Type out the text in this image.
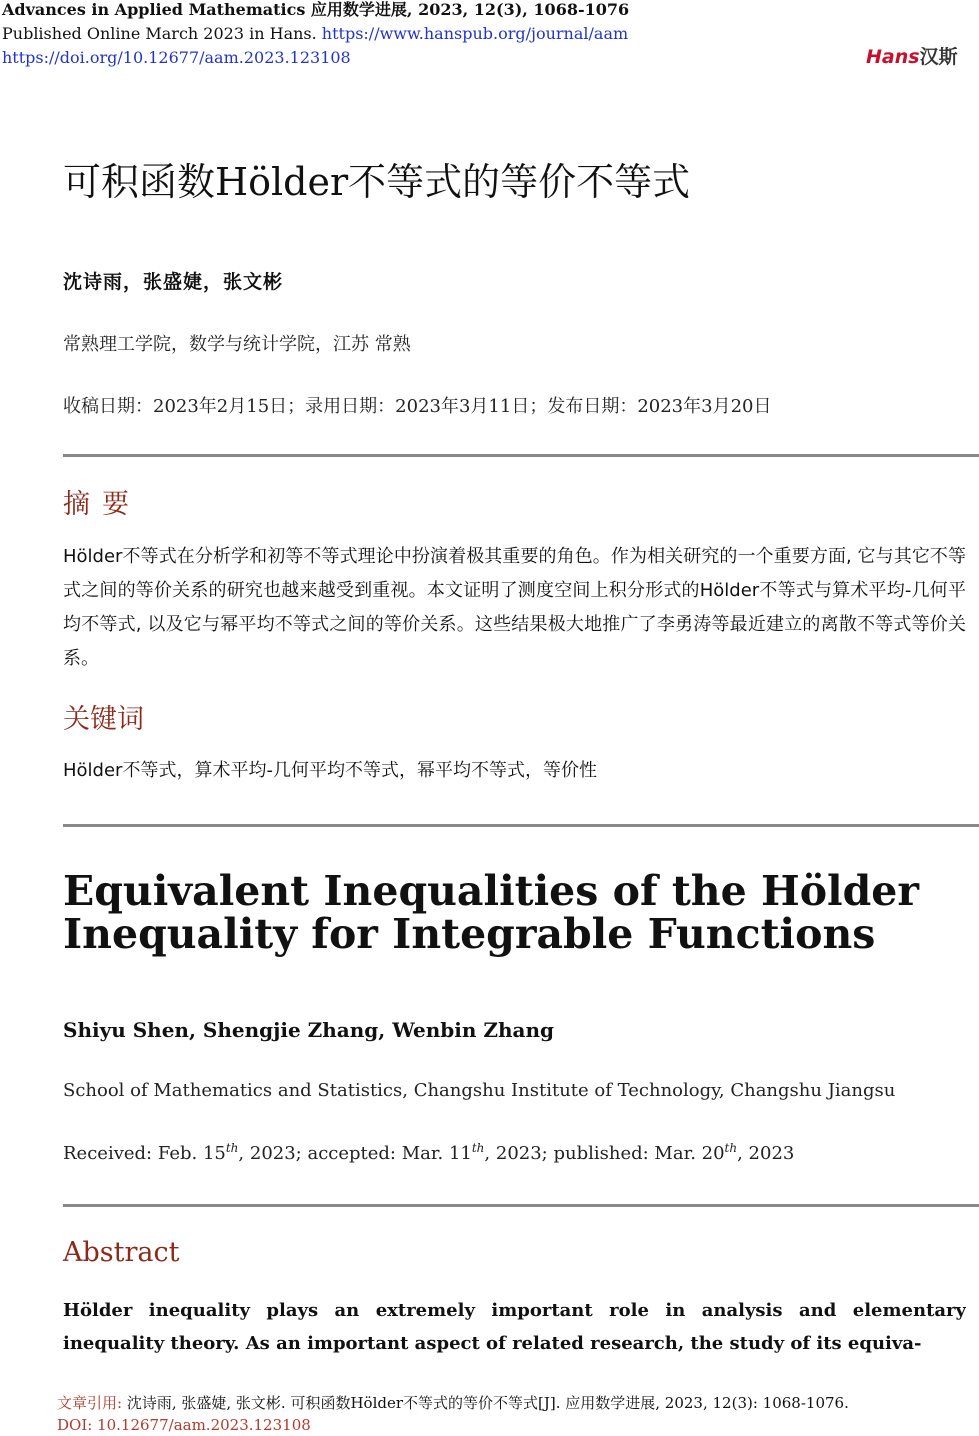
Advances in Applied Mathematics 应用数学进展, 2023, 12(3), 1068-1076
Published Online March 2023 in Hans. https://www.hanspub.org/journal/aam
https://doi.org/10.12677/aam.2023.123108	Hans汉斯
可积函数Hölder不等式的等价不等式
沈诗雨，张盛婕，张文彬
常熟理工学院，数学与统计学院，江苏 常熟
收稿日期：2023年2月15日；录用日期：2023年3月11日；发布日期：2023年3月20日
摘要
Hölder不等式在分析学和初等不等式理论中扮演着极其重要的角色。作为相关研究的一个重要方面, 它与其它不等式之间的等价关系的研究也越来越受到重视。本文证明了测度空间上积分形式的Hölder不等式与算术平均-几何平均不等式, 以及它与幂平均不等式之间的等价关系。这些结果极大地推广了李勇涛等最近建立的离散不等式等价关系。
关键词
Hölder不等式，算术平均-几何平均不等式，幂平均不等式，等价性
Equivalent Inequalities of the Hölder Inequality for Integrable Functions
Shiyu Shen, Shengjie Zhang, Wenbin Zhang
School of Mathematics and Statistics, Changshu Institute of Technology, Changshu Jiangsu
Received: Feb. 15th, 2023; accepted: Mar. 11th, 2023; published: Mar. 20th, 2023
Abstract
Hölder inequality plays an extremely important role in analysis and elementary inequality theory. As an important aspect of related research, the study of its equiva-
文章引用: 沈诗雨, 张盛婕, 张文彬. 可积函数Hölder不等式的等价不等式[J]. 应用数学进展, 2023, 12(3): 1068-1076.
DOI: 10.12677/aam.2023.123108
